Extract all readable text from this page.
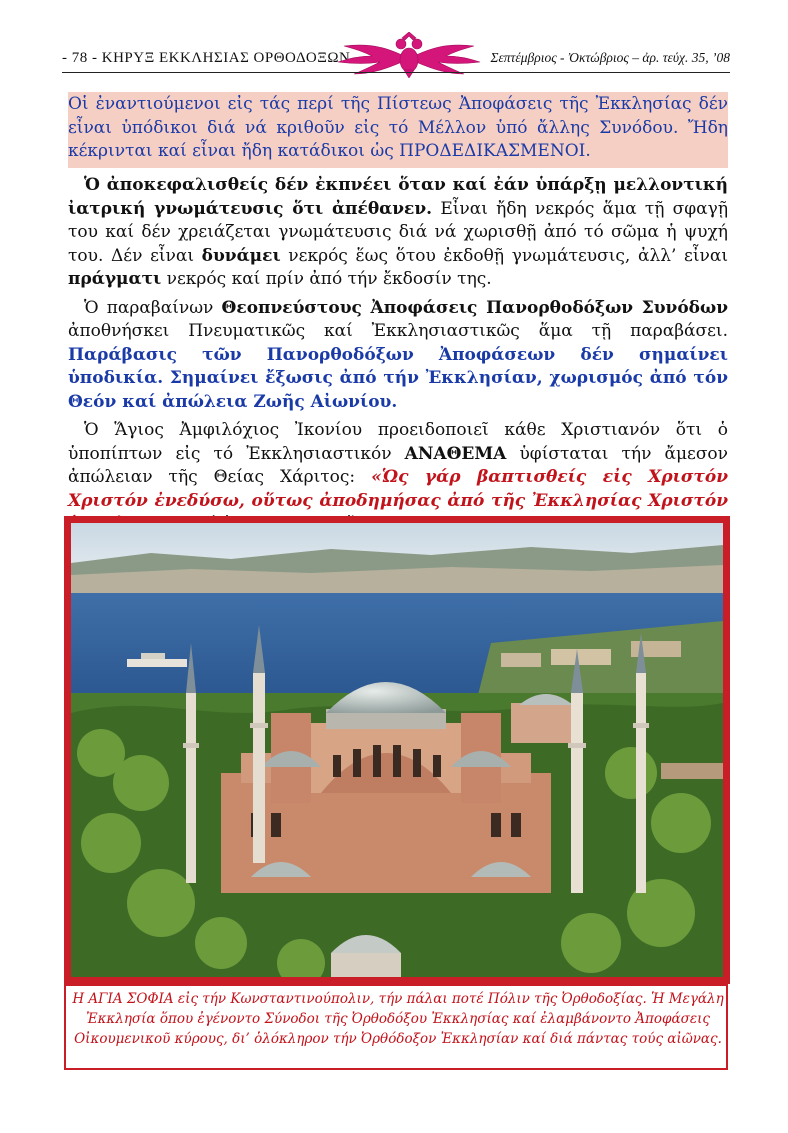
- 78 - ΚΗΡΥΞ ΕΚΚΛΗΣΙΑΣ ΟΡΘΟΔΟΞΩΝ	Σεπτέμβριος - Ὀκτώβριος – ἀρ. τεύχ. 35, ’08
Οἱ ἐναντιούμενοι εἰς τάς περί τῆς Πίστεως Ἀποφάσεις τῆς Ἐκκλησίας δέν εἶναι ὑπόδικοι διά νά κριθοῦν εἰς τό Μέλλον ὑπό ἄλλης Συνόδου. Ἤδη κέκρινται καί εἶναι ἤδη κατάδικοι ὡς ΠΡΟΔΕΔΙΚΑΣΜΕΝΟΙ.

Ὁ ἀποκεφαλισθείς δέν ἐκπνέει ὅταν καί ἐάν ὑπάρξῃ μελλοντική ἰατρική γνωμάτευσις ὅτι ἀπέθανεν. Εἶναι ἤδη νεκρός ἅμα τῇ σφαγῇ του καί δέν χρειάζεται γνωμάτευσις διά νά χωρισθῇ ἀπό τό σῶμα ἡ ψυχή του. Δέν εἶναι δυνάμει νεκρός ἕως ὅτου ἐκδοθῇ γνωμάτευσις, ἀλλ’ εἶναι πράγματι νεκρός καί πρίν ἀπό τήν ἔκδοσίν της.

Ὁ παραβαίνων Θεοπνεύστους Ἀποφάσεις Πανορθοδόξων Συνόδων ἀποθνήσκει Πνευματικῶς καί Ἐκκλησιαστικῶς ἅμα τῇ παραβάσει. Παράβασις τῶν Πανορθοδόξων Ἀποφάσεων δέν σημαίνει ὑποδικία. Σημαίνει ἔξωσις ἀπό τήν Ἐκκλησίαν, χωρισμός ἀπό τόν Θεόν καί ἀπώλεια Ζωῆς Αἰωνίου.

Ὁ Ἅγιος Ἀμφιλόχιος Ἰκονίου προειδοποιεῖ κάθε Χριστιανόν ὅτι ὁ ὑποπίπτων εἰς τό Ἐκκλησιαστικόν ΑΝΑΘΕΜΑ ὑφίσταται τήν ἄμεσον ἀπώλειαν τῆς Θείας Χάριτος: «Ὡς γάρ βαπτισθείς εἰς Χριστόν Χριστόν ἐνεδύσω, οὕτως ἀποδημήσας ἀπό τῆς Ἐκκλησίας Χριστόν

Η ΑΓΙΑ ΣΟΦΙΑ εἰς τήν Κωνσταντινούπολιν, τήν πάλαι ποτέ Πόλιν τῆς Ὀρθοδοξίας. Ἡ Μεγάλη Ἐκκλησία ὅπου ἐγένοντο Σύνοδοι τῆς Ὀρθοδόξου Ἐκκλησίας καί ἐλαμβάνοντο Ἀποφάσεις Οἰκουμενικοῦ κύρους, δι’ ὁλόκληρον τήν Ὀρθόδοξον Ἐκκλησίαν καί διά πάντας τούς αἰῶνας.
